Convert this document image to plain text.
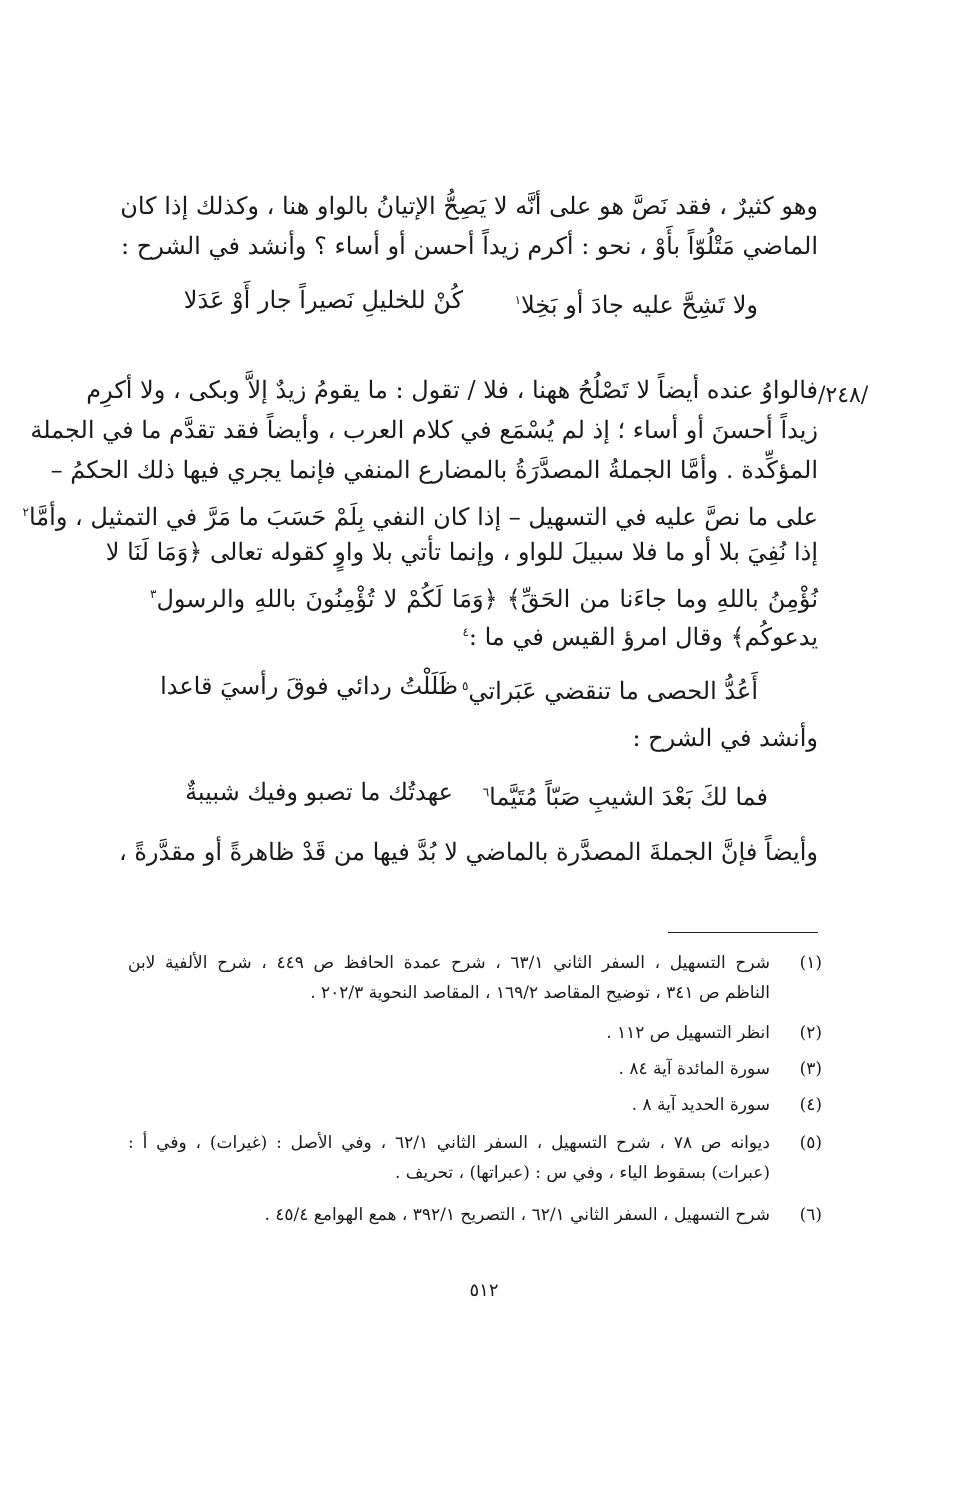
وهو كثيرٌ ، فقد نَصَّ هو على أنَّه لا يَصِحُّ الإتيانُ بالواو هنا ، وكذلك إذا كان
الماضي مَتْلُوّاً بأَوْ ، نحو : أكرم زيداً أحسن أو أساء ؟ وأنشد في الشرح :
كُنْ للخليلِ نَصيراً جار أَوْ عَدَلا ولا تَشِحَّ عليه جادَ أو بَخِلا$^١$
/٢٤٨/
فالواوُ عنده أيضاً لا تَصْلُحُ ههنا ، فلا / تقول : ما يقومُ زيدٌ إلاَّ وبكى ، ولا أكرِم
زيداً أحسنَ أو أساء ؛ إذ لم يُسْمَع في كلام العرب ، وأيضاً فقد تقدَّم ما في الجملة
المؤكِّدة . وأمَّا الجملةُ المصدَّرَةُ بالمضارع المنفي فإنما يجري فيها ذلك الحكمُ –
على ما نصَّ عليه في التسهيل – إذا كان النفي بِلَمْ حَسَبَ ما مَرَّ في التمثيل ، وأمَّا$^٢$
إذا نُفِيَ بلا أو ما فلا سبيلَ للواو ، وإنما تأتي بلا واوٍ كقوله تعالى ﴿وَمَا لَنَا لا
نُؤْمِنُ باللهِ وما جاءَنا من الحَقِّ﴾ ﴿وَمَا لَكُمْ لا تُؤْمِنُونَ باللهِ والرسول$^٣$
يدعوكُم﴾ وقال امرؤ القيس في ما :$^٤$
ظَلَلْتُ ردائي فوقَ رأسيَ قاعدا أَعُدُّ الحصى ما تنقضي عَبَراتي$^٥$
وأنشد في الشرح :
عهدتُك ما تصبو وفيك شبيبةٌ فما لكَ بَعْدَ الشيبِ صَبّاً مُتَيَّما$^٦$
وأيضاً فإنَّ الجملةَ المصدَّرة بالماضي لا بُدَّ فيها من قَدْ ظاهرةً أو مقدَّرةً ،
(١)
شرح التسهيل ، السفر الثاني ٦٣/١ ، شرح عمدة الحافظ ص ٤٤٩ ، شرح الألفية لابن
الناظم ص ٣٤١ ، توضيح المقاصد ١٦٩/٢ ، المقاصد النحوية ٢٠٢/٣ .
(٢)
انظر التسهيل ص ١١٢ .
(٣)
سورة المائدة آية ٨٤ .
(٤)
سورة الحديد آية ٨ .
(٥)
ديوانه ص ٧٨ ، شرح التسهيل ، السفر الثاني ٦٢/١ ، وفي الأصل : (غيرات) ، وفي أ :
(عبرات) بسقوط الياء ، وفي س : (عبراتها) ، تحريف .
(٦)
شرح التسهيل ، السفر الثاني ٦٢/١ ، التصريح ٣٩٢/١ ، همع الهوامع ٤٥/٤ .
٥١٢
